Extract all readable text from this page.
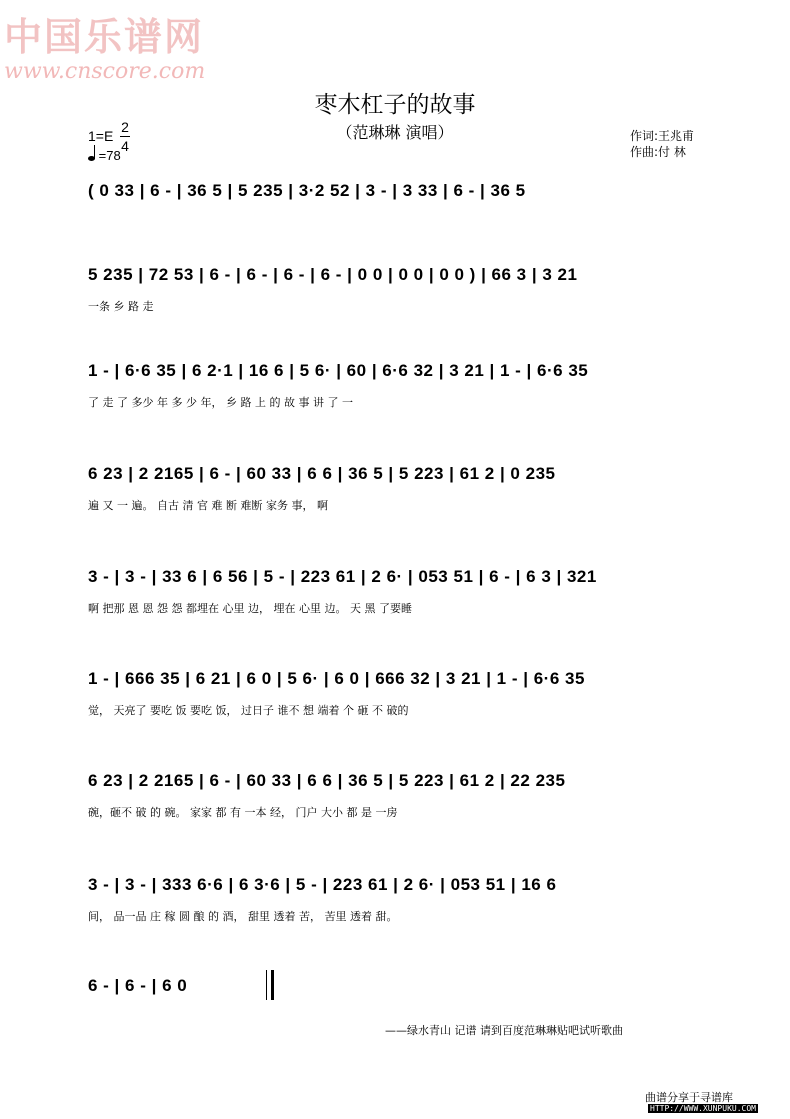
中国乐谱网
www.cnscore.com
枣木杠子的故事
（范琳琳 演唱）
1=E
2
4
=78
作词:王兆甫
作曲:付 林
( 0 33 | 6 - | 36 5 | 5 235 | 3·2 52 | 3 - | 3 33 | 6 - | 36 5
5 235 | 72 53 | 6 - | 6 - | 6 - | 6 - | 0 0 | 0 0 | 0 0 ) | 66 3 | 3 21
一条 乡 路 走
1 - | 6·6 35 | 6 2·1 | 16 6 | 5 6· | 60 | 6·6 32 | 3 21 | 1 - | 6·6 35
了 走 了 多少 年 多 少 年， 乡 路 上 的 故 事 讲 了 一
6 23 | 2 2165 | 6 - | 60 33 | 6 6 | 36 5 | 5 223 | 61 2 | 0 235
遍 又 一 遍。 自古 清 官 难 断 难断 家务 事， 啊
3 - | 3 - | 33 6 | 6 56 | 5 - | 223 61 | 2 6· | 053 51 | 6 - | 6 3 | 321
啊 把那 恩 恩 怨 怨 都埋在 心里 边， 埋在 心里 边。 天 黑 了要睡
1 - | 666 35 | 6 21 | 6 0 | 5 6· | 6 0 | 666 32 | 3 21 | 1 - | 6·6 35
觉， 天亮了 要吃 饭 要吃 饭， 过日子 谁不 想 端着 个 砸 不 破的
6 23 | 2 2165 | 6 - | 60 33 | 6 6 | 36 5 | 5 223 | 61 2 | 22 235
碗，砸不 破 的 碗。 家家 都 有 一本 经， 门户 大小 都 是 一房
3 - | 3 - | 333 6·6 | 6 3·6 | 5 - | 223 61 | 2 6· | 053 51 | 16 6
间， 品一品 庄 稼 圆 酿 的 酒， 甜里 透着 苦， 苦里 透着 甜。
6 - | 6 - | 6 0
——绿水青山 记谱 请到百度范琳琳贴吧试听歌曲
曲谱分享于寻谱库
HTTP://WWW.XUNPUKU.COM
